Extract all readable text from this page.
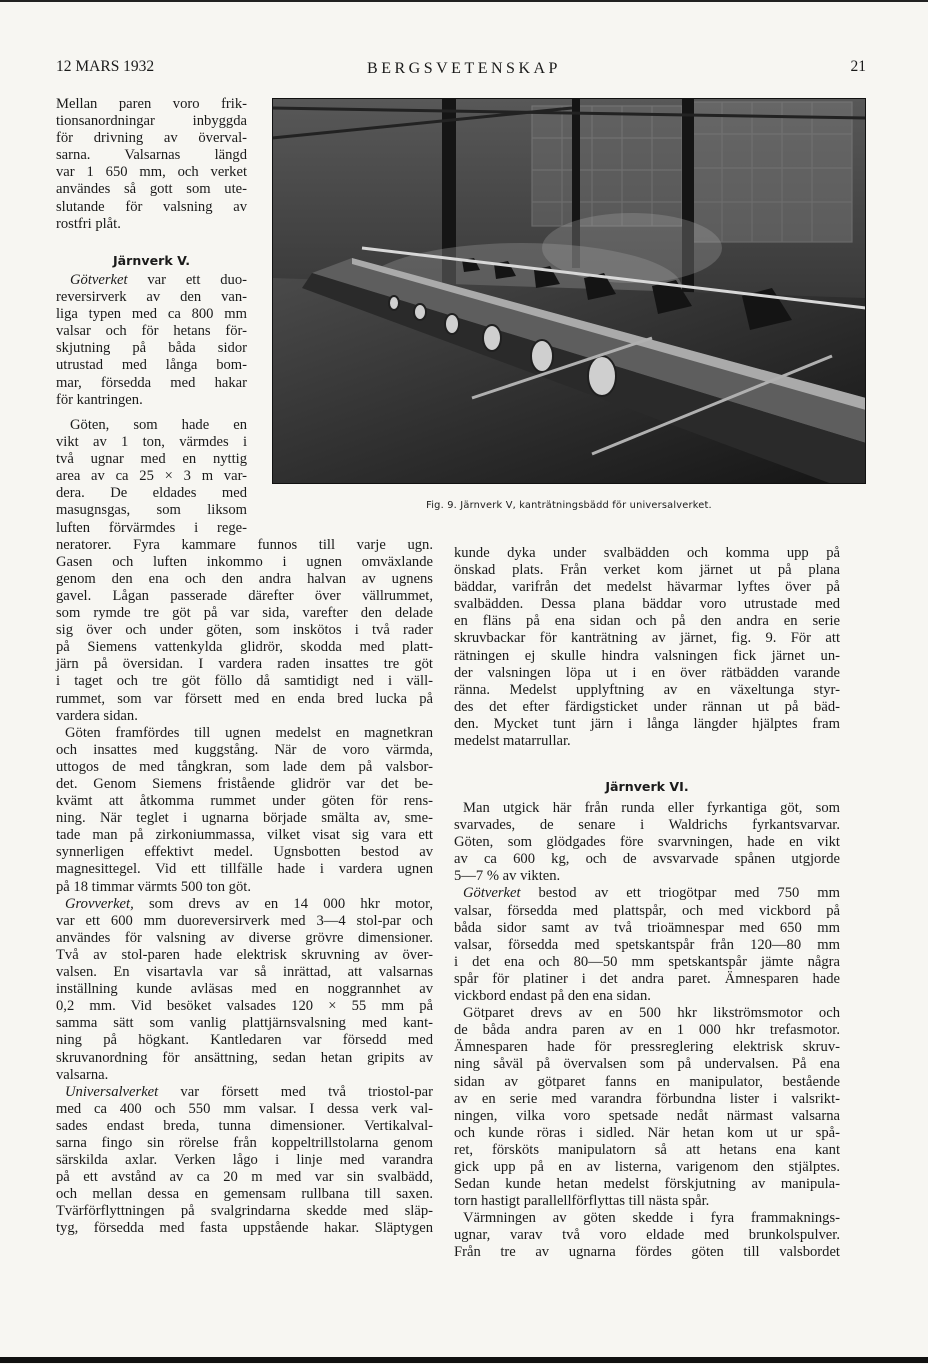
12 MARS 1932	BERGSVETENSKAP	21
Fig. 9. Järnverk V, kanträtningsbädd för universalverket.
Mellan paren voro frik-
tionsanordningar inbyggda
för drivning av överval-
sarna. Valsarnas längd
var 1 650 mm, och verket
användes så gott som ute-
slutande för valsning av
rostfri plåt.
Järnverk V.
Götverket var ett duo-
reversirverk av den van-
liga typen med ca 800 mm
valsar och för hetans för-
skjutning på båda sidor
utrustad med långa bom-
mar, försedda med hakar
för kantringen.
Göten, som hade en
vikt av 1 ton, värmdes i
två ugnar med en nyttig
area av ca 25 × 3 m var-
dera. De eldades med
masugnsgas, som liksom
luften förvärmdes i rege-
neratorer. Fyra kammare funnos till varje ugn.
Gasen och luften inkommo i ugnen omväxlande
genom den ena och den andra halvan av ugnens
gavel. Lågan passerade därefter över vällrummet,
som rymde tre göt på var sida, varefter den delade
sig över och under göten, som inskötos i två rader
på Siemens vattenkylda glidrör, skodda med platt-
järn på översidan. I vardera raden insattes tre göt
i taget och tre göt föllo då samtidigt ned i väll-
rummet, som var försett med en enda bred lucka på
vardera sidan.
Göten framfördes till ugnen medelst en magnetkran
och insattes med kuggstång. När de voro värmda,
uttogos de med tångkran, som lade dem på valsbor-
det. Genom Siemens fristående glidrör var det be-
kvämt att åtkomma rummet under göten för rens-
ning. När teglet i ugnarna började smälta av, sme-
tade man på zirkoniummassa, vilket visat sig vara ett
synnerligen effektivt medel. Ugnsbotten bestod av
magnesittegel. Vid ett tillfälle hade i vardera ugnen
på 18 timmar värmts 500 ton göt.
Grovverket, som drevs av en 14 000 hkr motor,
var ett 600 mm duoreversirverk med 3—4 stol-par och
användes för valsning av diverse grövre dimensioner.
Två av stol-paren hade elektrisk skruvning av över-
valsen. En visartavla var så inrättad, att valsarnas
inställning kunde avläsas med en noggrannhet av
0,2 mm. Vid besöket valsades 120 × 55 mm på
samma sätt som vanlig plattjärnsvalsning med kant-
ning på högkant. Kantledaren var försedd med
skruvanordning för ansättning, sedan hetan gripits av
valsarna.
Universalverket var försett med två triostol-par
med ca 400 och 550 mm valsar. I dessa verk val-
sades endast breda, tunna dimensioner. Vertikalval-
sarna fingo sin rörelse från koppeltrillstolarna genom
särskilda axlar. Verken lågo i linje med varandra
på ett avstånd av ca 20 m med var sin svalbädd,
och mellan dessa en gemensam rullbana till saxen.
Tvärförflyttningen på svalgrindarna skedde med släp-
tyg, försedda med fasta uppstående hakar. Släptygen
kunde dyka under svalbädden och komma upp på
önskad plats. Från verket kom järnet ut på plana
bäddar, varifrån det medelst hävarmar lyftes över på
svalbädden. Dessa plana bäddar voro utrustade med
en fläns på ena sidan och på den andra en serie
skruvbackar för kanträtning av järnet, fig. 9. För att
rätningen ej skulle hindra valsningen fick järnet un-
der valsningen löpa ut i en över rätbädden varande
ränna. Medelst upplyftning av en växeltunga styr-
des det efter färdigsticket under rännan ut på bäd-
den. Mycket tunt järn i långa längder hjälptes fram
medelst matarrullar.
Järnverk VI.
Man utgick här från runda eller fyrkantiga göt, som
svarvades, de senare i Waldrichs fyrkantsvarvar.
Göten, som glödgades före svarvningen, hade en vikt
av ca 600 kg, och de avsvarvade spånen utgjorde
5—7 % av vikten.
Götverket bestod av ett triogötpar med 750 mm
valsar, försedda med plattspår, och med vickbord på
båda sidor samt av två trioämnespar med 650 mm
valsar, försedda med spetskantspår från 120—80 mm
i det ena och 80—50 mm spetskantspår jämte några
spår för platiner i det andra paret. Ämnesparen hade
vickbord endast på den ena sidan.
Götparet drevs av en 500 hkr likströmsmotor och
de båda andra paren av en 1 000 hkr trefasmotor.
Ämnesparen hade för pressreglering elektrisk skruv-
ning såväl på övervalsen som på undervalsen. På ena
sidan av götparet fanns en manipulator, bestående
av en serie med varandra förbundna lister i valsrikt-
ningen, vilka voro spetsade nedåt närmast valsarna
och kunde röras i sidled. När hetan kom ut ur spå-
ret, försköts manipulatorn så att hetans ena kant
gick upp på en av listerna, varigenom den stjälptes.
Sedan kunde hetan medelst förskjutning av manipula-
torn hastigt parallellförflyttas till nästa spår.
Värmningen av göten skedde i fyra frammaknings-
ugnar, varav två voro eldade med brunkolspulver.
Från tre av ugnarna fördes göten till valsbordet
